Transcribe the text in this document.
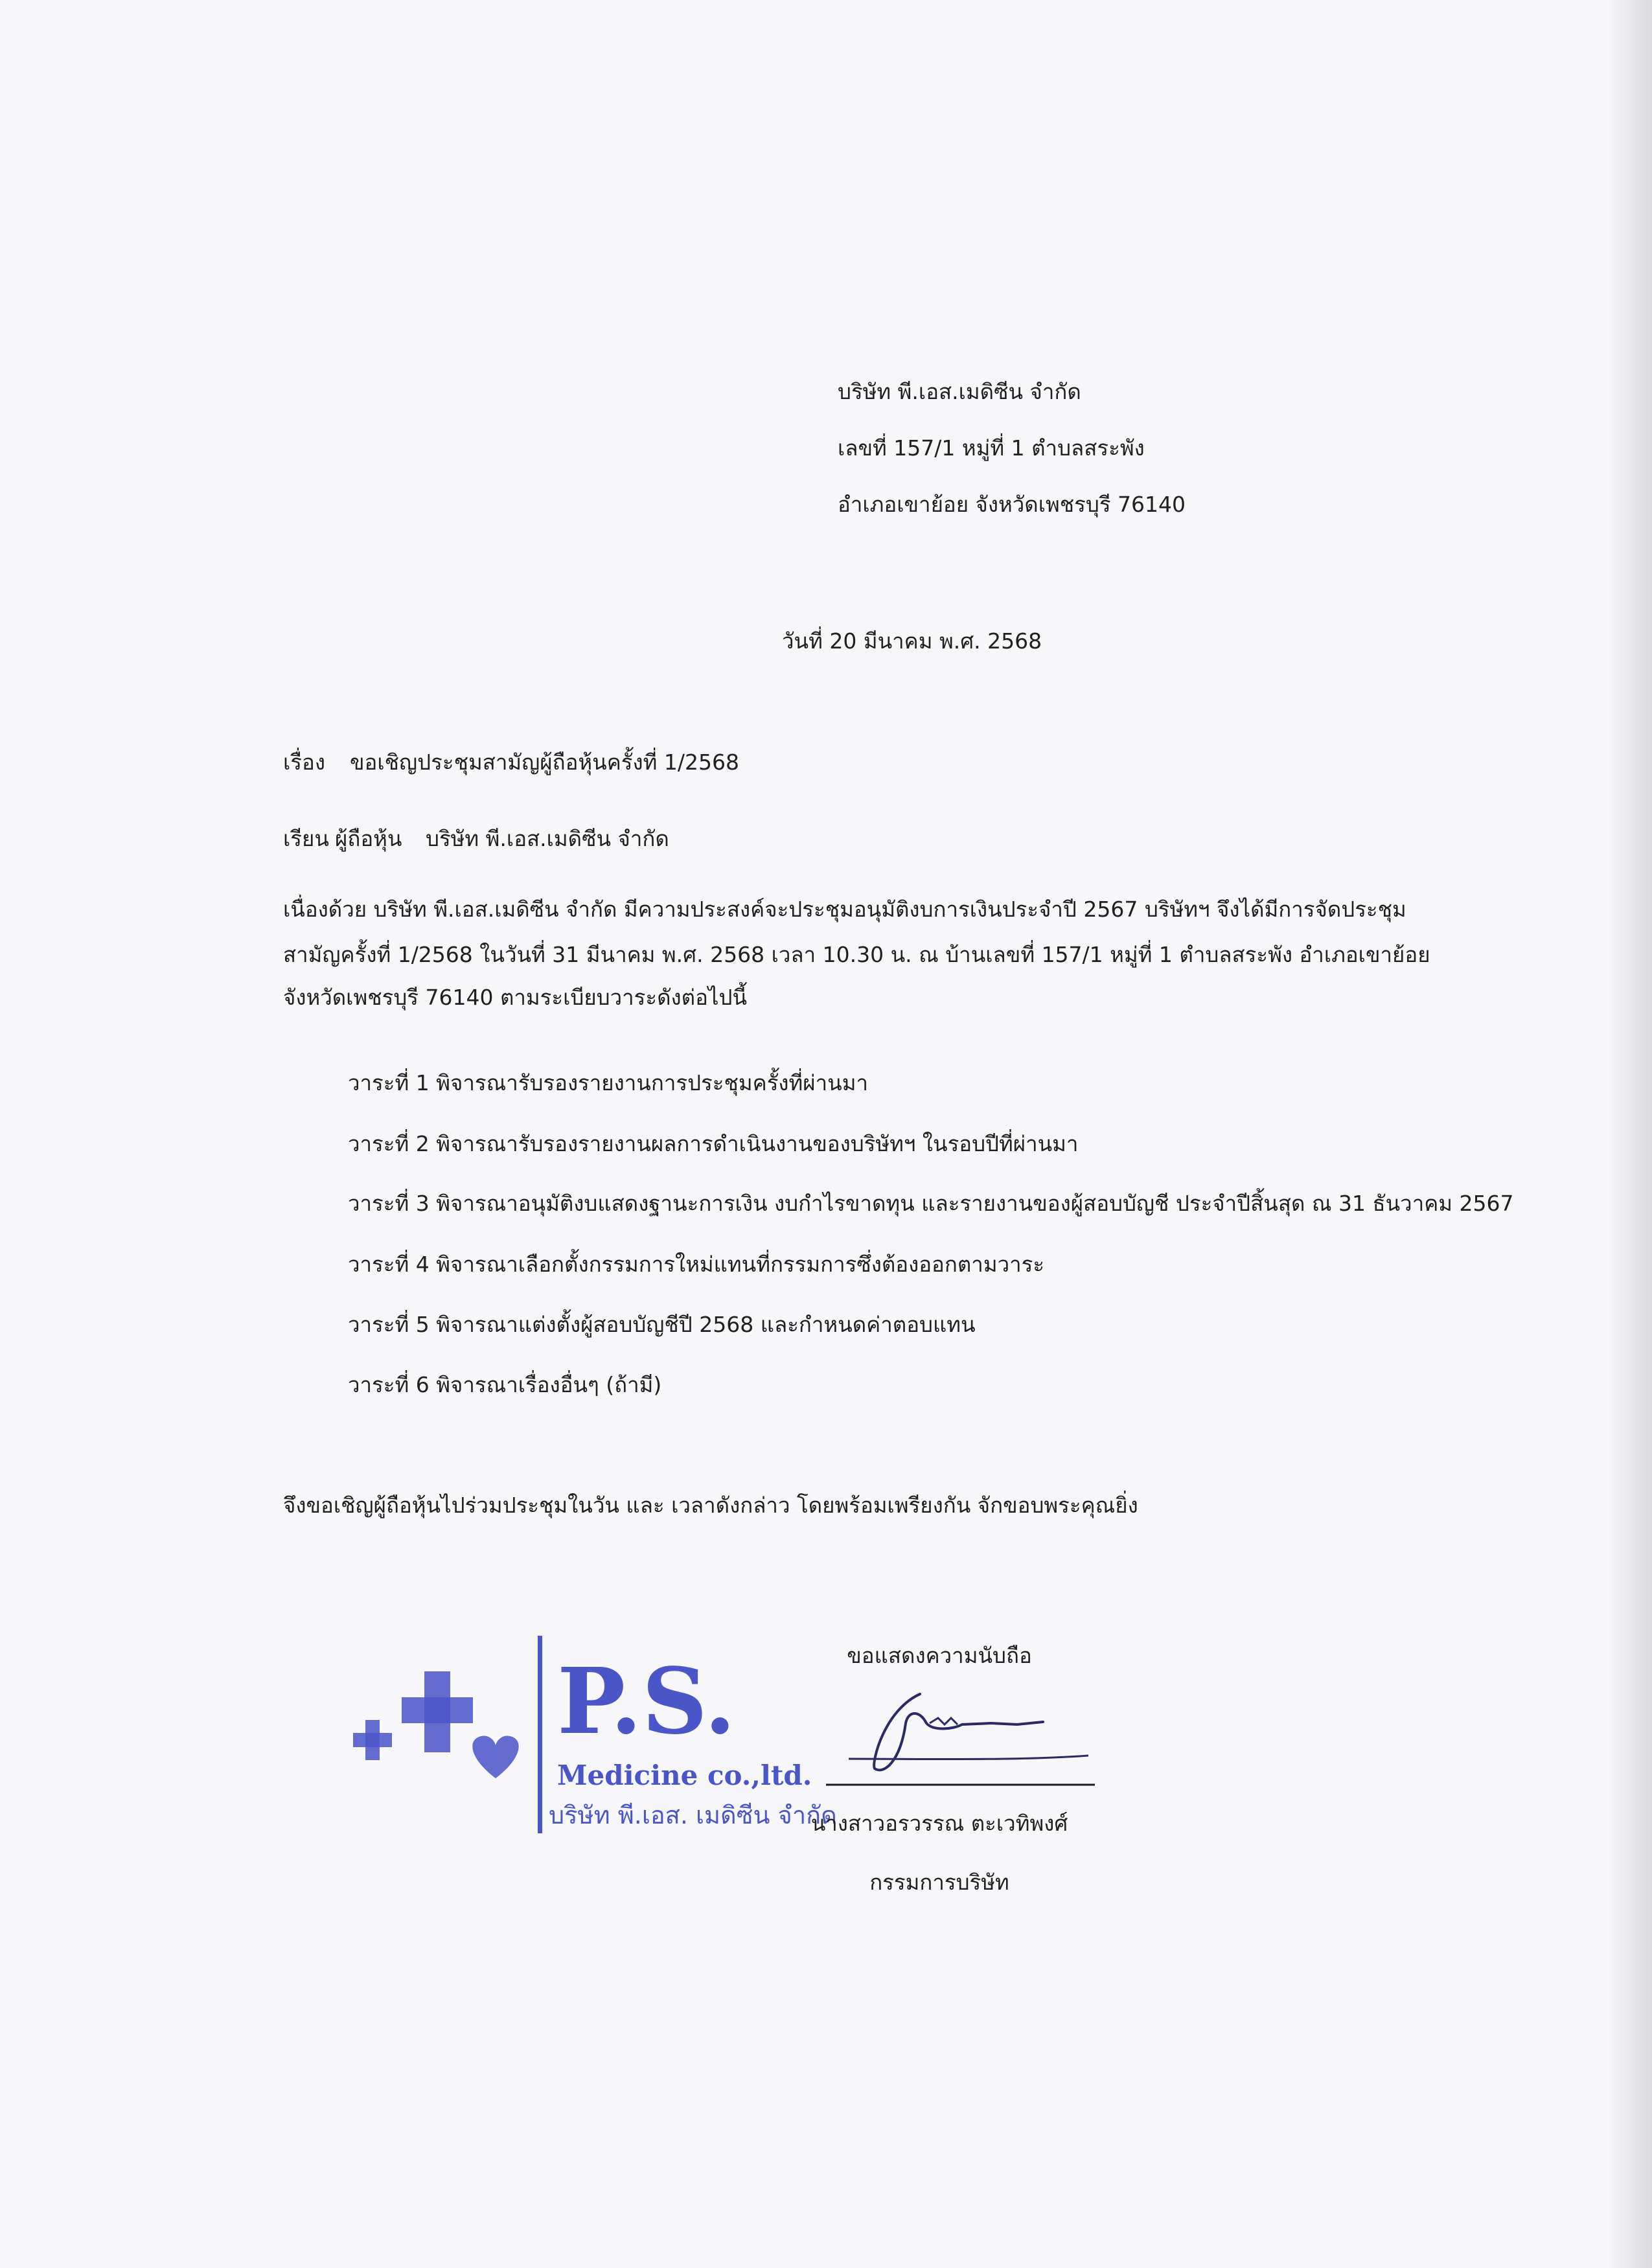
บริษัท พี.เอส.เมดิซีน จำกัด
เลขที่ 157/1 หมู่ที่ 1 ตำบลสระพัง
อำเภอเขาย้อย จังหวัดเพชรบุรี 76140
วันที่ 20 มีนาคม พ.ศ. 2568
เรื่อง ขอเชิญประชุมสามัญผู้ถือหุ้นครั้งที่ 1/2568
เรียน ผู้ถือหุ้น บริษัท พี.เอส.เมดิซีน จำกัด
เนื่องด้วย บริษัท พี.เอส.เมดิซีน จำกัด มีความประสงค์จะประชุมอนุมัติงบการเงินประจำปี 2567 บริษัทฯ จึงได้มีการจัดประชุม
สามัญครั้งที่ 1/2568 ในวันที่ 31 มีนาคม พ.ศ. 2568 เวลา 10.30 น. ณ บ้านเลขที่ 157/1 หมู่ที่ 1 ตำบลสระพัง อำเภอเขาย้อย
จังหวัดเพชรบุรี 76140 ตามระเบียบวาระดังต่อไปนี้
วาระที่ 1 พิจารณารับรองรายงานการประชุมครั้งที่ผ่านมา
วาระที่ 2 พิจารณารับรองรายงานผลการดำเนินงานของบริษัทฯ ในรอบปีที่ผ่านมา
วาระที่ 3 พิจารณาอนุมัติงบแสดงฐานะการเงิน งบกำไรขาดทุน และรายงานของผู้สอบบัญชี ประจำปีสิ้นสุด ณ 31 ธันวาคม 2567
วาระที่ 4 พิจารณาเลือกตั้งกรรมการใหม่แทนที่กรรมการซึ่งต้องออกตามวาระ
วาระที่ 5 พิจารณาแต่งตั้งผู้สอบบัญชีปี 2568 และกำหนดค่าตอบแทน
วาระที่ 6 พิจารณาเรื่องอื่นๆ (ถ้ามี)
จึงขอเชิญผู้ถือหุ้นไปร่วมประชุมในวัน และ เวลาดังกล่าว โดยพร้อมเพรียงกัน จักขอบพระคุณยิ่ง
ขอแสดงความนับถือ
P.S.
Medicine co.,ltd.
บริษัท พี.เอส. เมดิซีน จำกัด
นางสาวอรวรรณ ตะเวทิพงศ์
กรรมการบริษัท
